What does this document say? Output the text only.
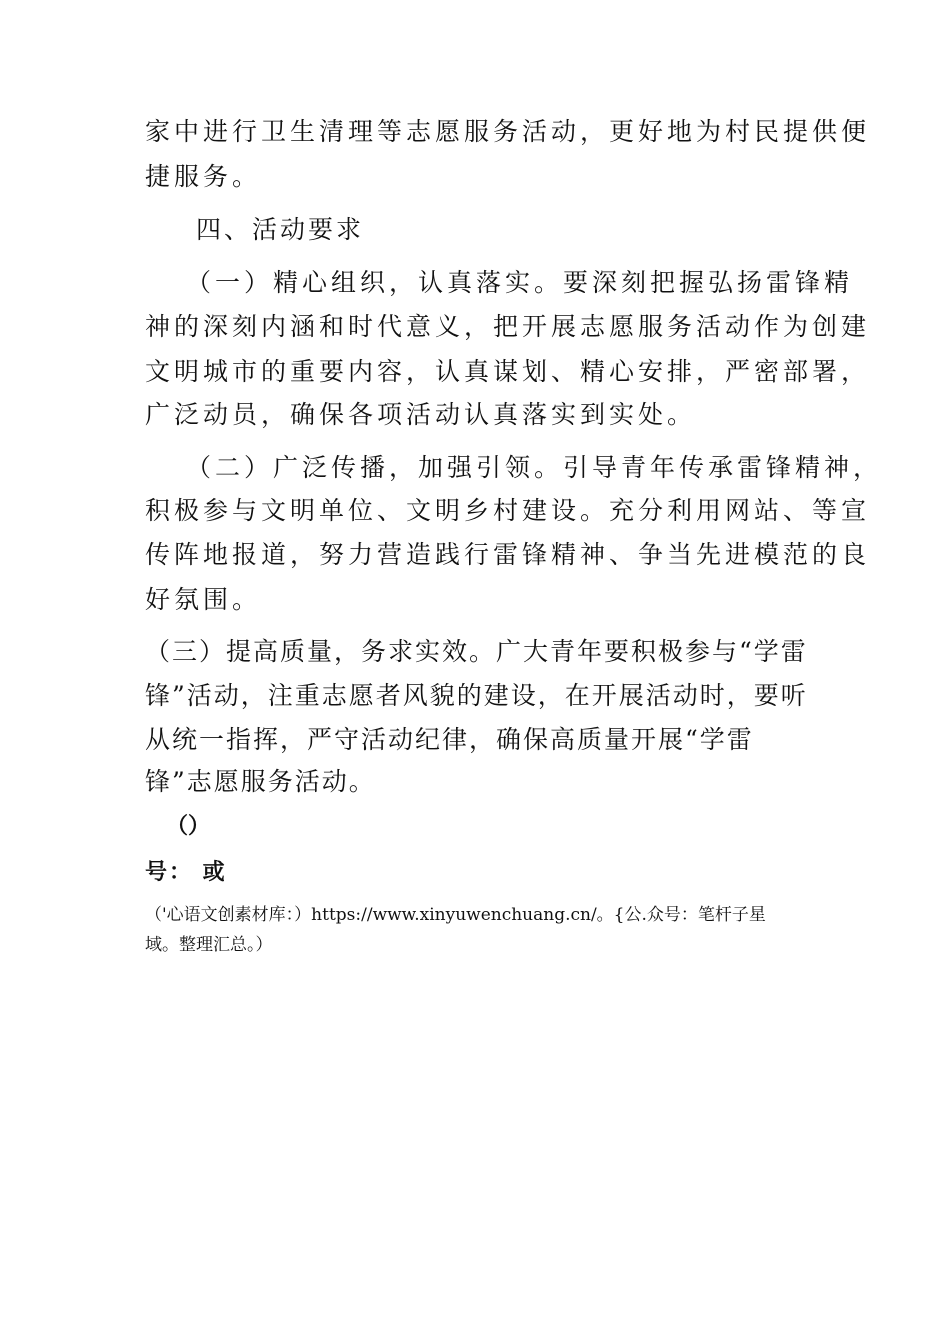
家中进行卫生清理等志愿服务活动，更好地为村民提供便
捷服务。
四、活动要求
（一）精心组织，认真落实。要深刻把握弘扬雷锋精
神的深刻内涵和时代意义，把开展志愿服务活动作为创建
文明城市的重要内容，认真谋划、精心安排，严密部署，
广泛动员，确保各项活动认真落实到实处。
（二）广泛传播，加强引领。引导青年传承雷锋精神，
积极参与文明单位、文明乡村建设。充分利用网站、等宣
传阵地报道，努力营造践行雷锋精神、争当先进模范的良
好氛围。
（三）提高质量，务求实效。广大青年要积极参与“学雷
锋”活动，注重志愿者风貌的建设，在开展活动时，要听
从统一指挥，严守活动纪律，确保高质量开展“学雷
锋”志愿服务活动。
（）
号： 或
（'心语文创素材库：）https://www.xinyuwenchuang.cn/。{公.众号：笔杆子星
域。整理汇总。）
